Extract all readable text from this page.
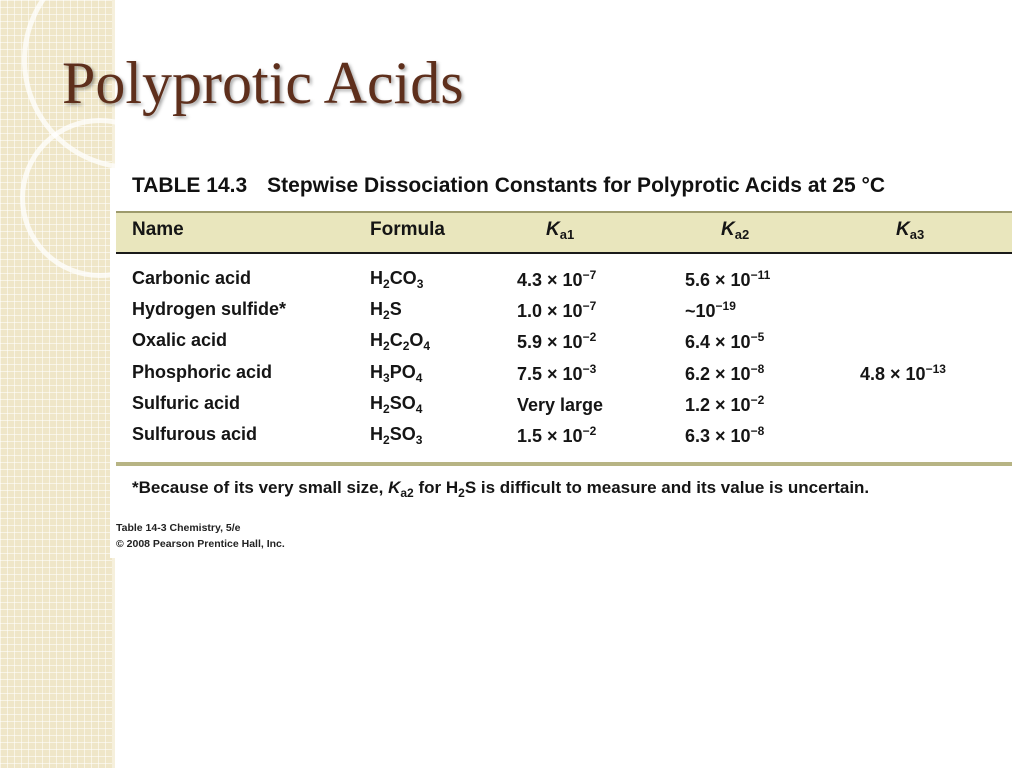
Polyprotic Acids
TABLE 14.3 Stepwise Dissociation Constants for Polyprotic Acids at 25 °C
Name	Formula	$K_{a1}$	$K_{a2}$	$K_{a3}$
Carbonic acid	$H_2CO_3$	$4.3 \times 10^{-7}$	$5.6 \times 10^{-11}$
Hydrogen sulfide*	$H_2S$	$1.0 \times 10^{-7}$	$\sim 10^{-19}$
Oxalic acid	$H_2C_2O_4$	$5.9 \times 10^{-2}$	$6.4 \times 10^{-5}$
Phosphoric acid	$H_3PO_4$	$7.5 \times 10^{-3}$	$6.2 \times 10^{-8}$	$4.8 \times 10^{-13}$
Sulfuric acid	$H_2SO_4$	Very large	$1.2 \times 10^{-2}$
Sulfurous acid	$H_2SO_3$	$1.5 \times 10^{-2}$	$6.3 \times 10^{-8}$
*Because of its very small size, $K_{a2}$ for $H_2S$ is difficult to measure and its value is uncertain.
Table 14-3 Chemistry, 5/e
© 2008 Pearson Prentice Hall, Inc.
